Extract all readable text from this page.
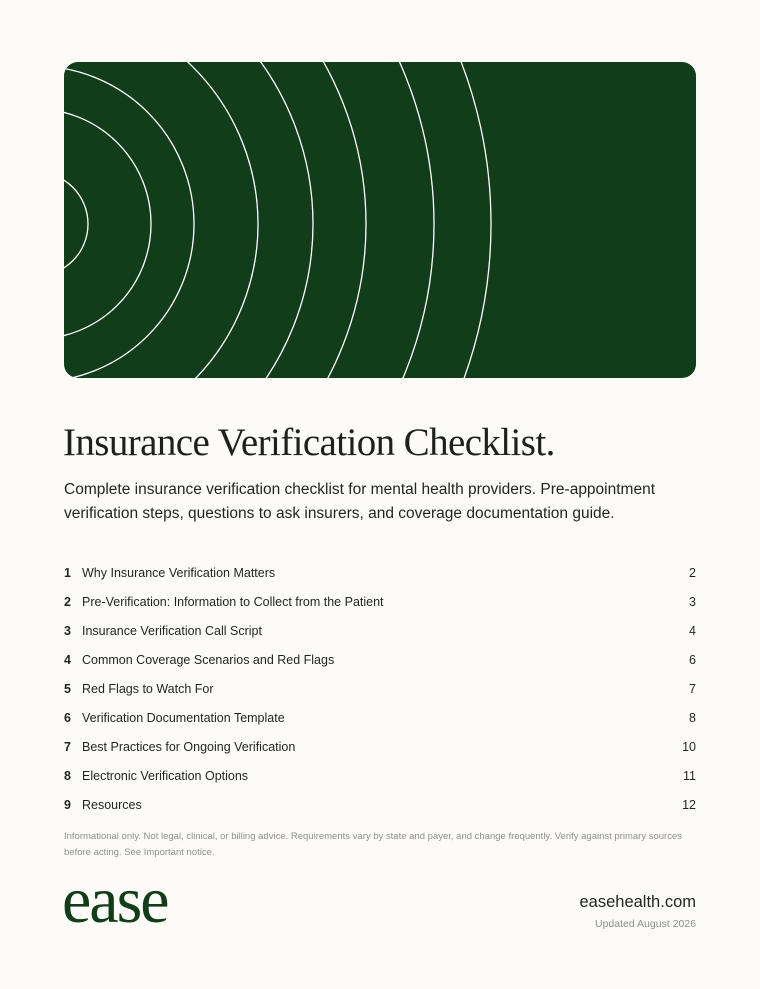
Insurance Verification Checklist.

Complete insurance verification checklist for mental health providers. Pre-appointment verification steps, questions to ask insurers, and coverage documentation guide.

1 Why Insurance Verification Matters	2
2 Pre-Verification: Information to Collect from the Patient	3
3 Insurance Verification Call Script	4
4 Common Coverage Scenarios and Red Flags	6
5 Red Flags to Watch For	7
6 Verification Documentation Template	8
7 Best Practices for Ongoing Verification	10
8 Electronic Verification Options	11
9 Resources	12

Informational only. Not legal, clinical, or billing advice. Requirements vary by state and payer, and change frequently. Verify against primary sources before acting. See Important notice.

ease	easehealth.com
Updated August 2026
